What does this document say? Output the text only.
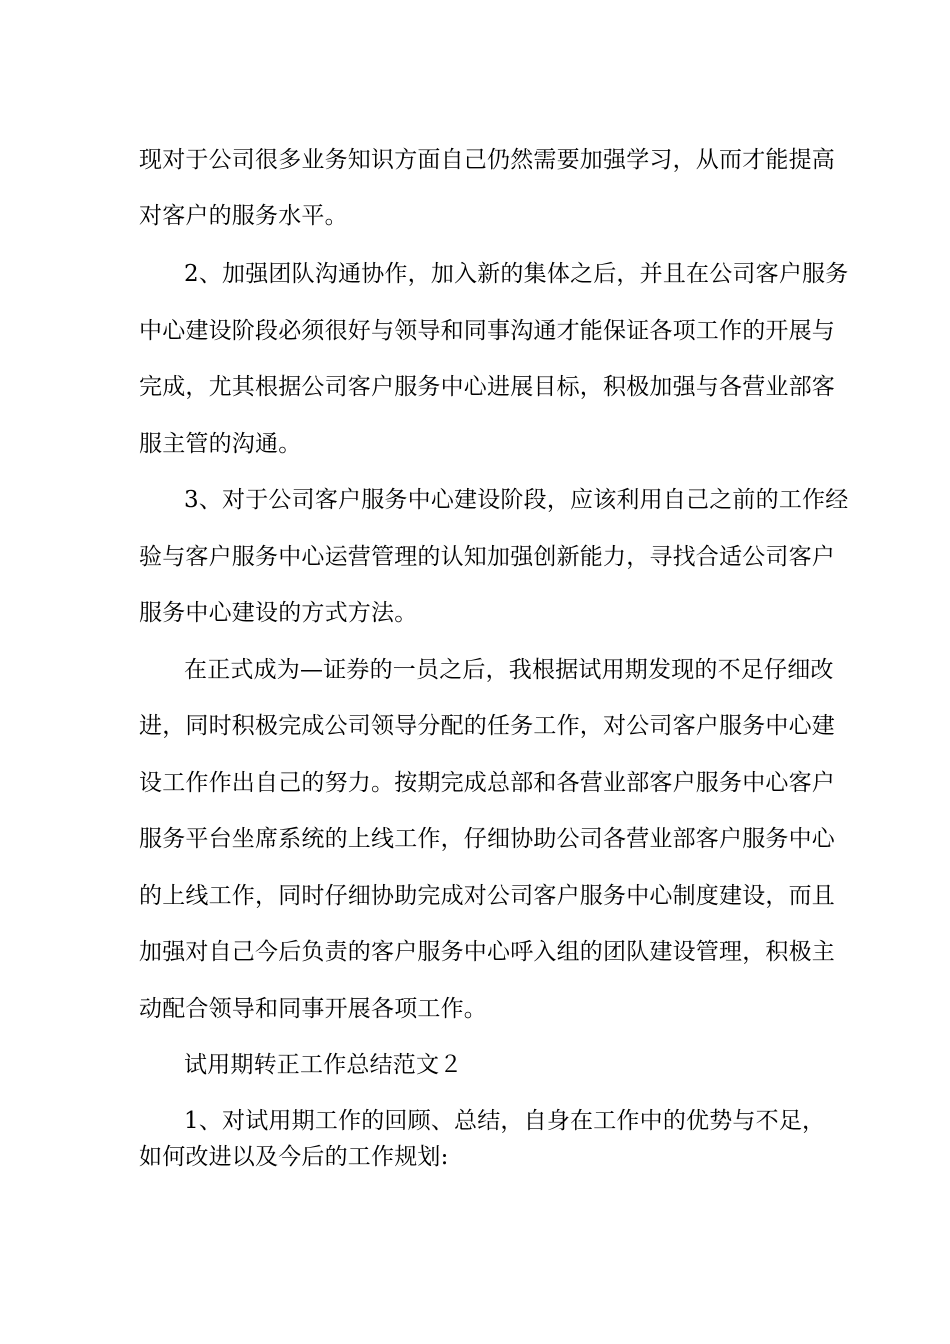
现对于公司很多业务知识方面自己仍然需要加强学习，从而才能提高
对客户的服务水平。
2、加强团队沟通协作，加入新的集体之后，并且在公司客户服务
中心建设阶段必须很好与领导和同事沟通才能保证各项工作的开展与
完成，尤其根据公司客户服务中心进展目标，积极加强与各营业部客
服主管的沟通。
3、对于公司客户服务中心建设阶段，应该利用自己之前的工作经
验与客户服务中心运营管理的认知加强创新能力，寻找合适公司客户
服务中心建设的方式方法。
在正式成为—证券的一员之后，我根据试用期发现的不足仔细改
进，同时积极完成公司领导分配的任务工作，对公司客户服务中心建
设工作作出自己的努力。按期完成总部和各营业部客户服务中心客户
服务平台坐席系统的上线工作，仔细协助公司各营业部客户服务中心
的上线工作，同时仔细协助完成对公司客户服务中心制度建设，而且
加强对自己今后负责的客户服务中心呼入组的团队建设管理，积极主
动配合领导和同事开展各项工作。
试用期转正工作总结范文２
1、对试用期工作的回顾、总结，自身在工作中的优势与不足，
如何改进以及今后的工作规划:
